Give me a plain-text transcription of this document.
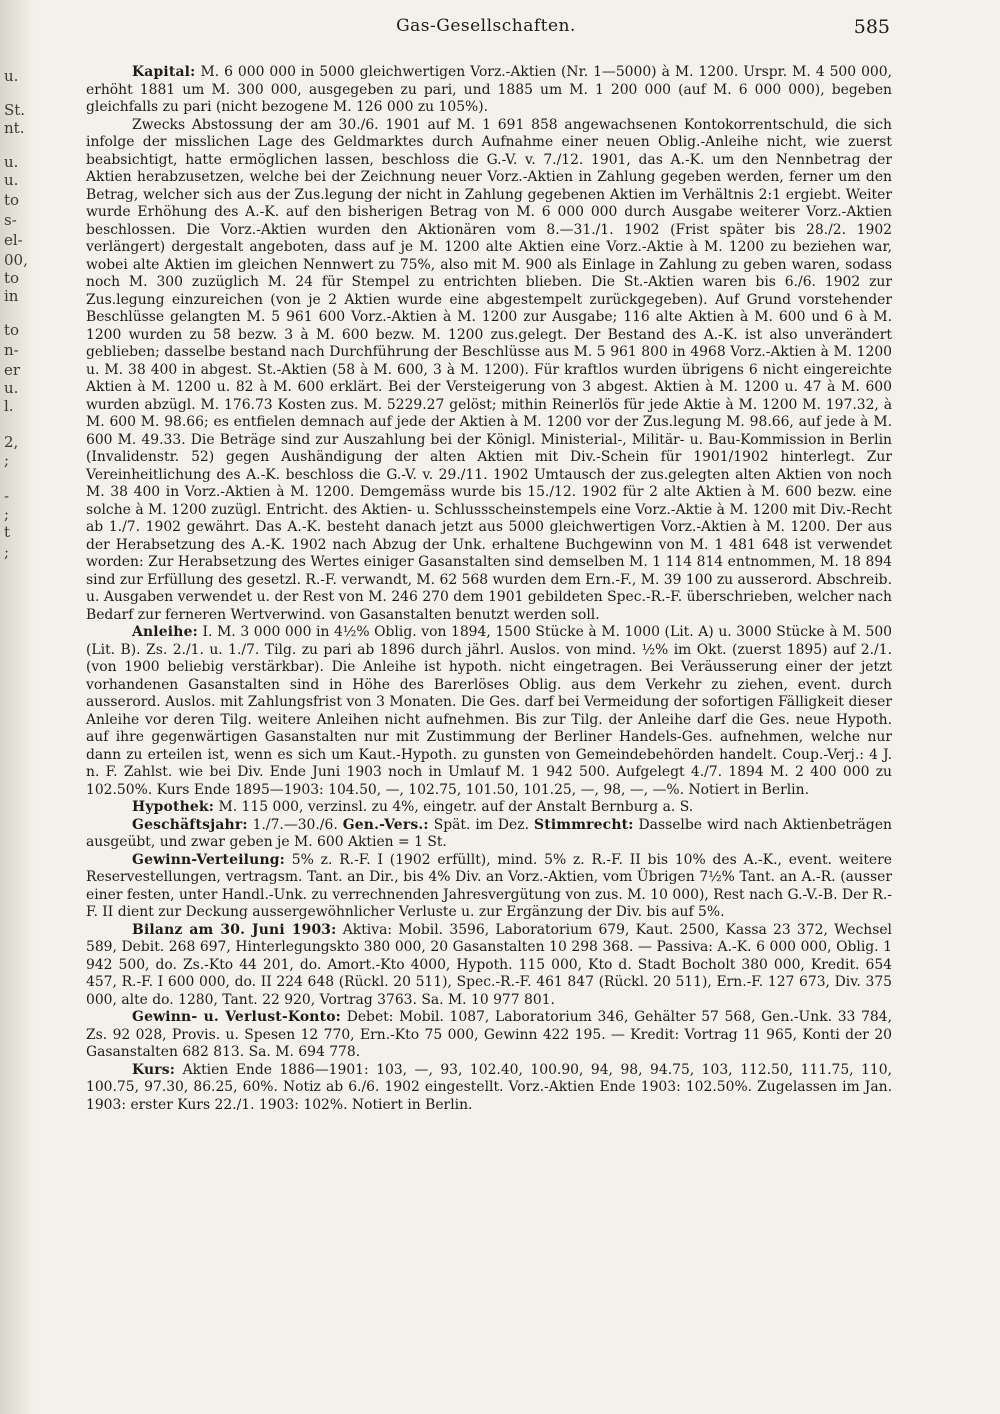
u.
St.
nt.
u.
u.
to
s-
el-
00,
to
in
to
n-
er
u.
l.
2,
;
-
;
t
;
Gas-Gesellschaften.	585

Kapital: M. 6 000 000 in 5000 gleichwertigen Vorz.-Aktien (Nr. 1—5000) à M. 1200. Urspr. M. 4 500 000, erhöht 1881 um M. 300 000, ausgegeben zu pari, und 1885 um M. 1 200 000 (auf M. 6 000 000), begeben gleichfalls zu pari (nicht bezogene M. 126 000 zu 105%).

Zwecks Abstossung der am 30./6. 1901 auf M. 1 691 858 angewachsenen Kontokorrentschuld, die sich infolge der misslichen Lage des Geldmarktes durch Aufnahme einer neuen Oblig.-Anleihe nicht, wie zuerst beabsichtigt, hatte ermöglichen lassen, beschloss die G.-V. v. 7./12. 1901, das A.-K. um den Nennbetrag der Aktien herabzusetzen, welche bei der Zeichnung neuer Vorz.-Aktien in Zahlung gegeben werden, ferner um den Betrag, welcher sich aus der Zus.legung der nicht in Zahlung gegebenen Aktien im Verhältnis 2:1 ergiebt. Weiter wurde Erhöhung des A.-K. auf den bisherigen Betrag von M. 6 000 000 durch Ausgabe weiterer Vorz.-Aktien beschlossen. Die Vorz.-Aktien wurden den Aktionären vom 8.—31./1. 1902 (Frist später bis 28./2. 1902 verlängert) dergestalt angeboten, dass auf je M. 1200 alte Aktien eine Vorz.-Aktie à M. 1200 zu beziehen war, wobei alte Aktien im gleichen Nennwert zu 75%, also mit M. 900 als Einlage in Zahlung zu geben waren, sodass noch M. 300 zuzüglich M. 24 für Stempel zu entrichten blieben. Die St.-Aktien waren bis 6./6. 1902 zur Zus.legung einzureichen (von je 2 Aktien wurde eine abgestempelt zurückgegeben). Auf Grund vorstehender Beschlüsse gelangten M. 5 961 600 Vorz.-Aktien à M. 1200 zur Ausgabe; 116 alte Aktien à M. 600 und 6 à M. 1200 wurden zu 58 bezw. 3 à M. 600 bezw. M. 1200 zus.gelegt. Der Bestand des A.-K. ist also unverändert geblieben; dasselbe bestand nach Durchführung der Beschlüsse aus M. 5 961 800 in 4968 Vorz.-Aktien à M. 1200 u. M. 38 400 in abgest. St.-Aktien (58 à M. 600, 3 à M. 1200). Für kraftlos wurden übrigens 6 nicht eingereichte Aktien à M. 1200 u. 82 à M. 600 erklärt. Bei der Versteigerung von 3 abgest. Aktien à M. 1200 u. 47 à M. 600 wurden abzügl. M. 176.73 Kosten zus. M. 5229.27 gelöst; mithin Reinerlös für jede Aktie à M. 1200 M. 197.32, à M. 600 M. 98.66; es entfielen demnach auf jede der Aktien à M. 1200 vor der Zus.legung M. 98.66, auf jede à M. 600 M. 49.33. Die Beträge sind zur Auszahlung bei der Königl. Ministerial-, Militär- u. Bau-Kommission in Berlin (Invalidenstr. 52) gegen Aushändigung der alten Aktien mit Div.-Schein für 1901/1902 hinterlegt. Zur Vereinheitlichung des A.-K. beschloss die G.-V. v. 29./11. 1902 Umtausch der zus.gelegten alten Aktien von noch M. 38 400 in Vorz.-Aktien à M. 1200. Demgemäss wurde bis 15./12. 1902 für 2 alte Aktien à M. 600 bezw. eine solche à M. 1200 zuzügl. Entricht. des Aktien- u. Schlussscheinstempels eine Vorz.-Aktie à M. 1200 mit Div.-Recht ab 1./7. 1902 gewährt. Das A.-K. besteht danach jetzt aus 5000 gleichwertigen Vorz.-Aktien à M. 1200. Der aus der Herabsetzung des A.-K. 1902 nach Abzug der Unk. erhaltene Buchgewinn von M. 1 481 648 ist verwendet worden: Zur Herabsetzung des Wertes einiger Gasanstalten sind demselben M. 1 114 814 entnommen, M. 18 894 sind zur Erfüllung des gesetzl. R.-F. verwandt, M. 62 568 wurden dem Ern.-F., M. 39 100 zu ausserord. Abschreib. u. Ausgaben verwendet u. der Rest von M. 246 270 dem 1901 gebildeten Spec.-R.-F. überschrieben, welcher nach Bedarf zur ferneren Wertverwind. von Gasanstalten benutzt werden soll.

Anleihe: I. M. 3 000 000 in 4½% Oblig. von 1894, 1500 Stücke à M. 1000 (Lit. A) u. 3000 Stücke à M. 500 (Lit. B). Zs. 2./1. u. 1./7. Tilg. zu pari ab 1896 durch jährl. Auslos. von mind. ½% im Okt. (zuerst 1895) auf 2./1. (von 1900 beliebig verstärkbar). Die Anleihe ist hypoth. nicht eingetragen. Bei Veräusserung einer der jetzt vorhandenen Gasanstalten sind in Höhe des Barerlöses Oblig. aus dem Verkehr zu ziehen, event. durch ausserord. Auslos. mit Zahlungsfrist von 3 Monaten. Die Ges. darf bei Vermeidung der sofortigen Fälligkeit dieser Anleihe vor deren Tilg. weitere Anleihen nicht aufnehmen. Bis zur Tilg. der Anleihe darf die Ges. neue Hypoth. auf ihre gegenwärtigen Gasanstalten nur mit Zustimmung der Berliner Handels-Ges. aufnehmen, welche nur dann zu erteilen ist, wenn es sich um Kaut.-Hypoth. zu gunsten von Gemeindebehörden handelt. Coup.-Verj.: 4 J. n. F. Zahlst. wie bei Div. Ende Juni 1903 noch in Umlauf M. 1 942 500. Aufgelegt 4./7. 1894 M. 2 400 000 zu 102.50%. Kurs Ende 1895—1903: 104.50, —, 102.75, 101.50, 101.25, —, 98, —, —%. Notiert in Berlin.

Hypothek: M. 115 000, verzinsl. zu 4%, eingetr. auf der Anstalt Bernburg a. S.

Geschäftsjahr: 1./7.—30./6. Gen.-Vers.: Spät. im Dez. Stimmrecht: Dasselbe wird nach Aktienbeträgen ausgeübt, und zwar geben je M. 600 Aktien = 1 St.

Gewinn-Verteilung: 5% z. R.-F. I (1902 erfüllt), mind. 5% z. R.-F. II bis 10% des A.-K., event. weitere Reservestellungen, vertragsm. Tant. an Dir., bis 4% Div. an Vorz.-Aktien, vom Übrigen 7½% Tant. an A.-R. (ausser einer festen, unter Handl.-Unk. zu verrechnenden Jahresvergütung von zus. M. 10 000), Rest nach G.-V.-B. Der R.-F. II dient zur Deckung aussergewöhnlicher Verluste u. zur Ergänzung der Div. bis auf 5%.

Bilanz am 30. Juni 1903: Aktiva: Mobil. 3596, Laboratorium 679, Kaut. 2500, Kassa 23 372, Wechsel 589, Debit. 268 697, Hinterlegungskto 380 000, 20 Gasanstalten 10 298 368. — Passiva: A.-K. 6 000 000, Oblig. 1 942 500, do. Zs.-Kto 44 201, do. Amort.-Kto 4000, Hypoth. 115 000, Kto d. Stadt Bocholt 380 000, Kredit. 654 457, R.-F. I 600 000, do. II 224 648 (Rückl. 20 511), Spec.-R.-F. 461 847 (Rückl. 20 511), Ern.-F. 127 673, Div. 375 000, alte do. 1280, Tant. 22 920, Vortrag 3763. Sa. M. 10 977 801.

Gewinn- u. Verlust-Konto: Debet: Mobil. 1087, Laboratorium 346, Gehälter 57 568, Gen.-Unk. 33 784, Zs. 92 028, Provis. u. Spesen 12 770, Ern.-Kto 75 000, Gewinn 422 195. — Kredit: Vortrag 11 965, Konti der 20 Gasanstalten 682 813. Sa. M. 694 778.

Kurs: Aktien Ende 1886—1901: 103, —, 93, 102.40, 100.90, 94, 98, 94.75, 103, 112.50, 111.75, 110, 100.75, 97.30, 86.25, 60%. Notiz ab 6./6. 1902 eingestellt. Vorz.-Aktien Ende 1903: 102.50%. Zugelassen im Jan. 1903: erster Kurs 22./1. 1903: 102%. Notiert in Berlin.
